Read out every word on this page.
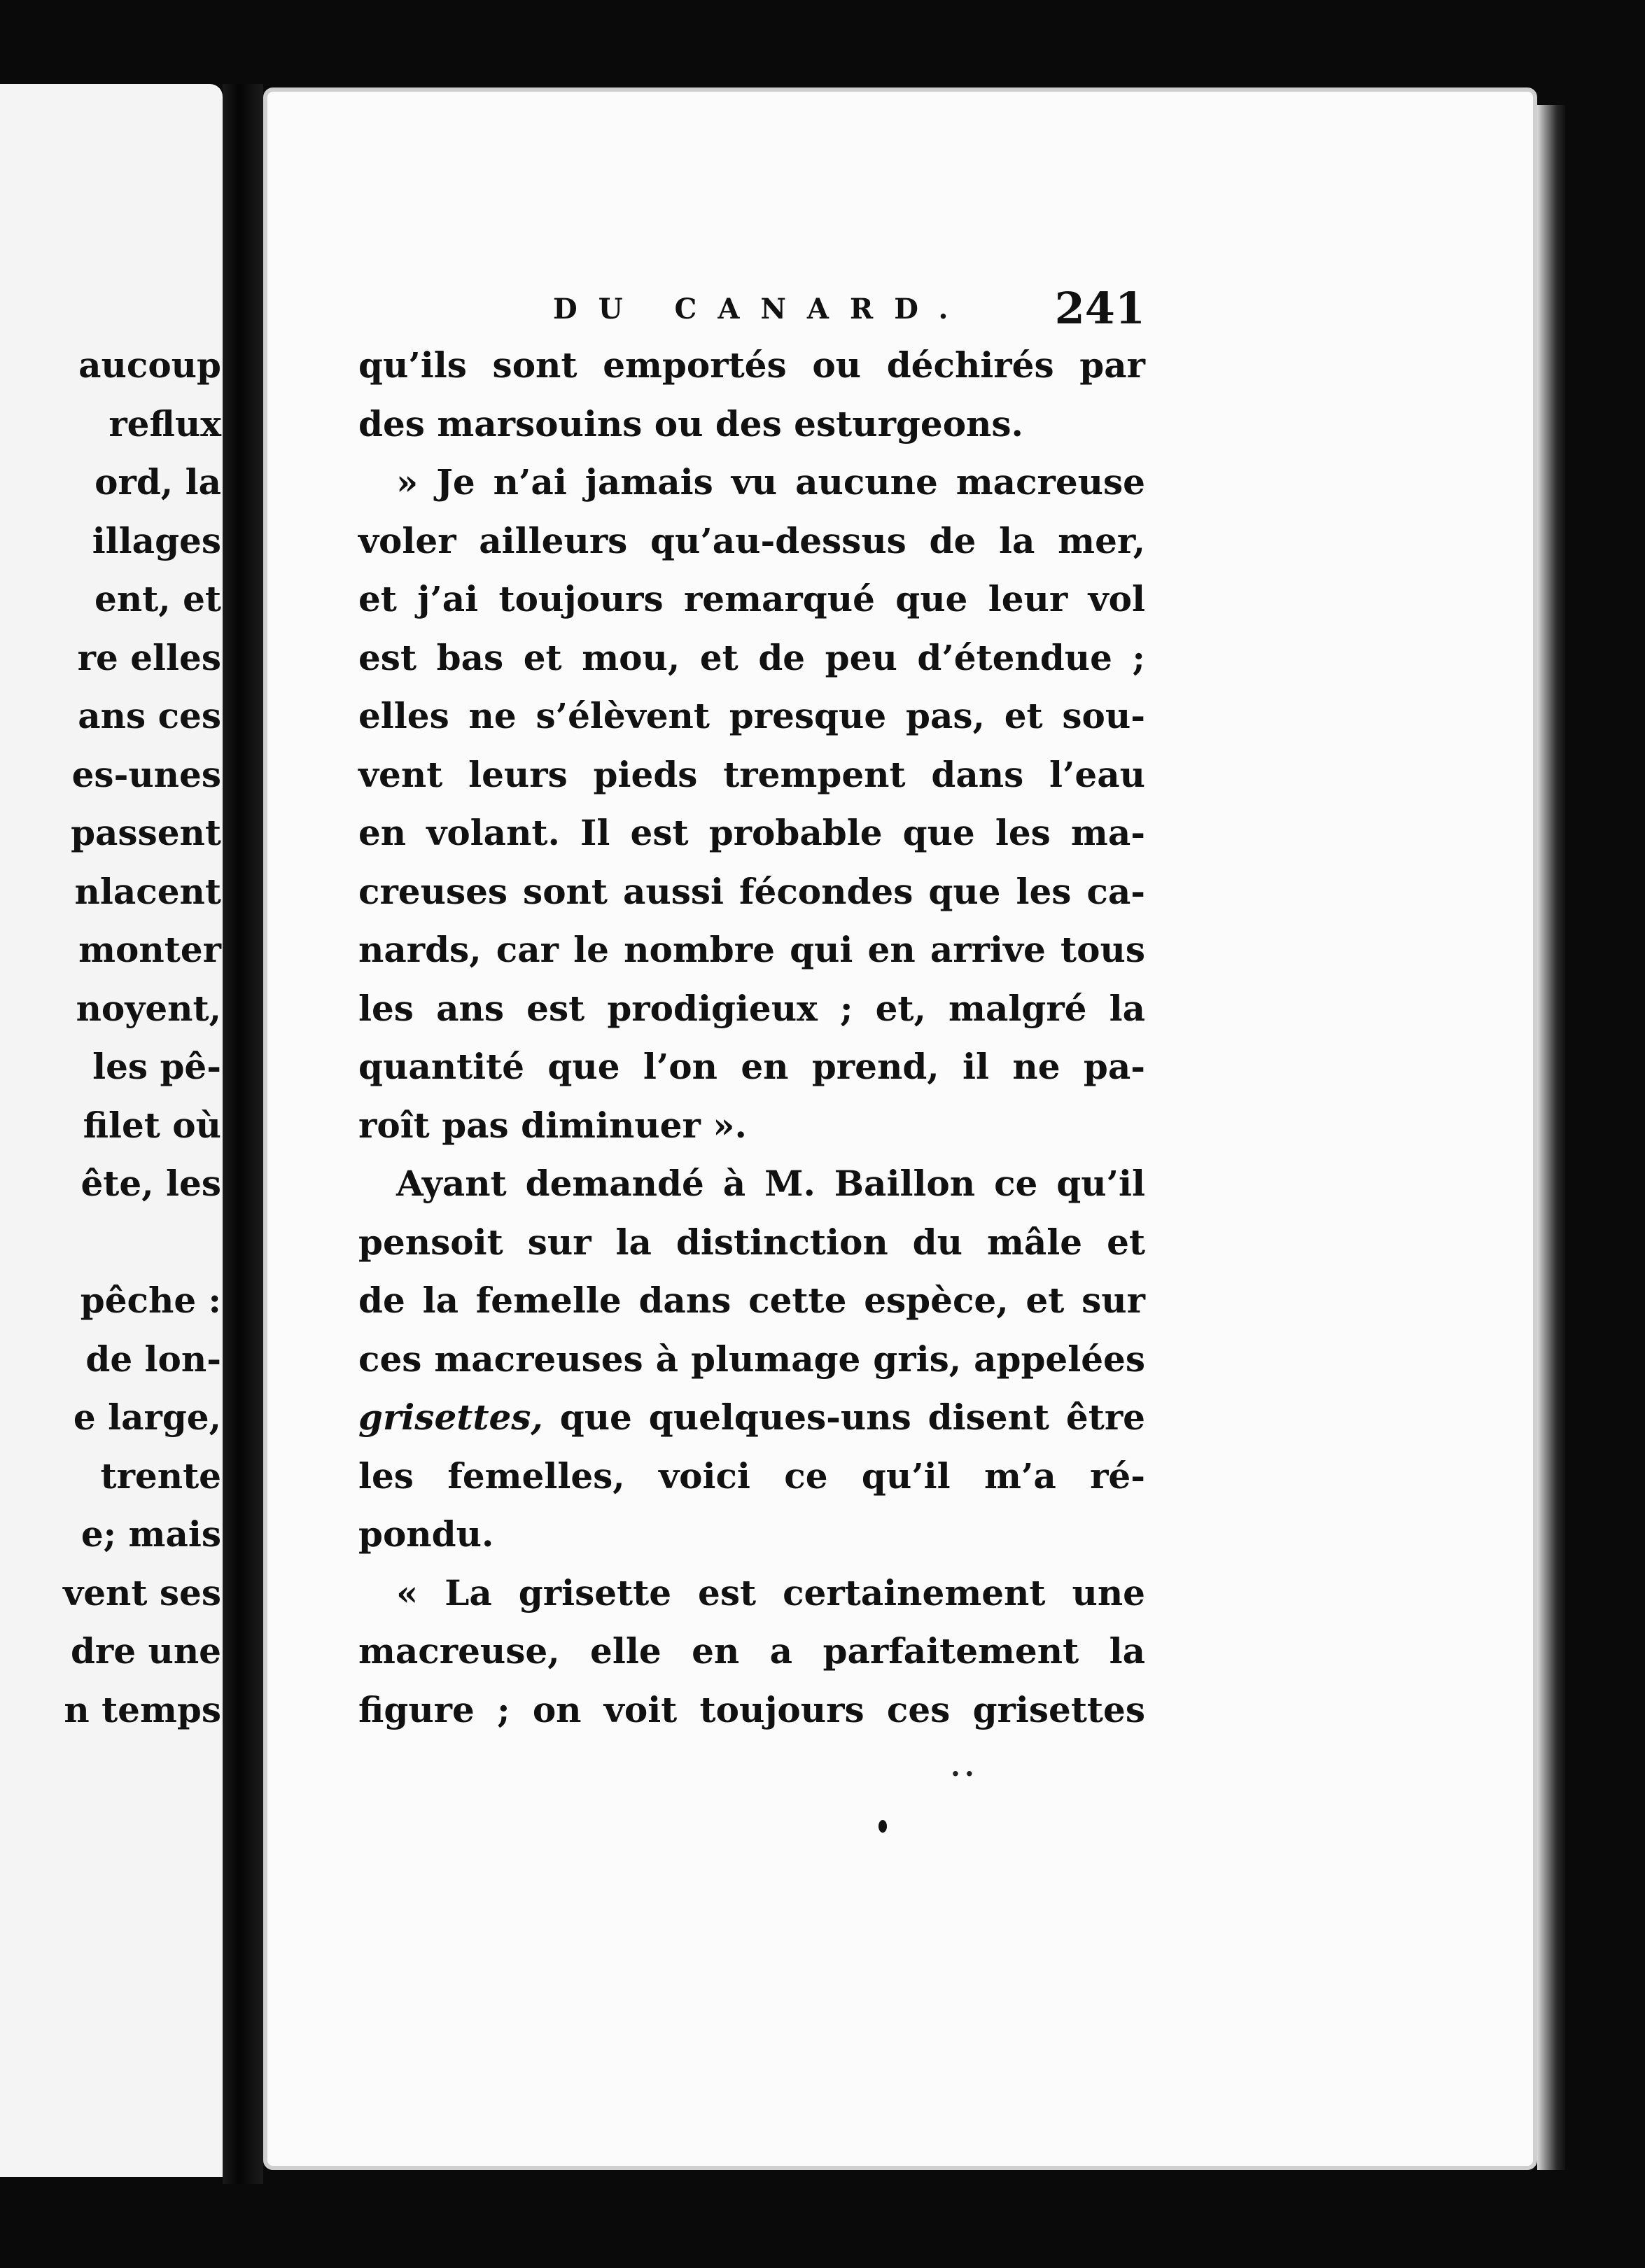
aucoup
reflux
ord, la
illages
ent, et
re elles
ans ces
es-unes
passent
nlacent
monter
noyent,
les pê-
filet où
ête, les
pêche :
de lon-
e large,
trente
e; mais
vent ses
dre une
n temps
DU CANARD. 241
qu’ils sont emportés ou déchirés par
des marsouins ou des esturgeons.
» Je n’ai jamais vu aucune macreuse
voler ailleurs qu’au-dessus de la mer,
et j’ai toujours remarqué que leur vol
est bas et mou, et de peu d’étendue ;
elles ne s’élèvent presque pas, et sou-
vent leurs pieds trempent dans l’eau
en volant. Il est probable que les ma-
creuses sont aussi fécondes que les ca-
nards, car le nombre qui en arrive tous
les ans est prodigieux ; et, malgré la
quantité que l’on en prend, il ne pa-
roît pas diminuer ».
Ayant demandé à M. Baillon ce qu’il
pensoit sur la distinction du mâle et
de la femelle dans cette espèce, et sur
ces macreuses à plumage gris, appelées
grisettes, que quelques-uns disent être
les femelles, voici ce qu’il m’a ré-
pondu.
« La grisette est certainement une
macreuse, elle en a parfaitement la
figure ; on voit toujours ces grisettes
..
